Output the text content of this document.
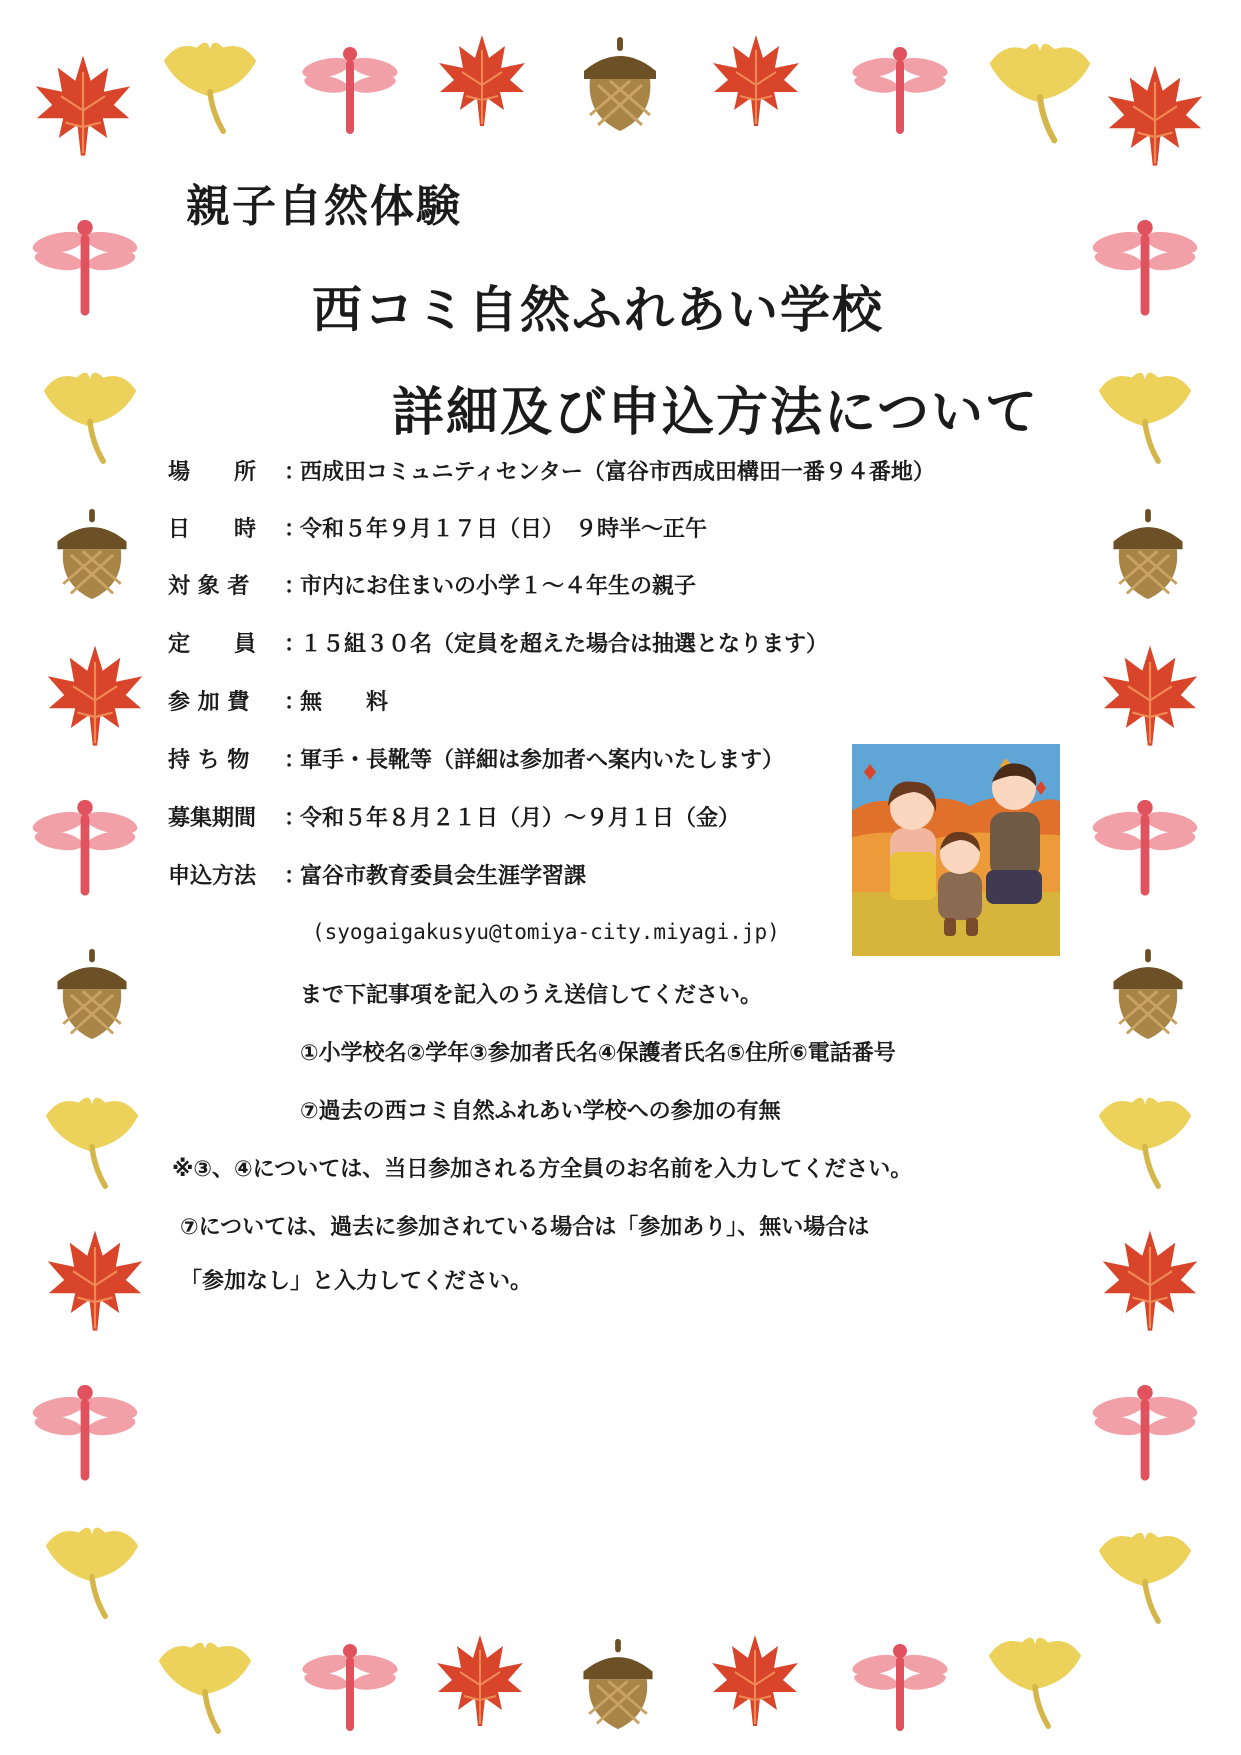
親子自然体験
西コミ自然ふれあい学校
詳細及び申込方法について
場　　所 ：
西成田コミュニティセンター（富谷市西成田構田一番９４番地）
日　　時 ：
令和５年９月１７日（日）　９時半～正午
対 象 者 ：
市内にお住まいの小学１～４年生の親子
定　　員 ：
１５組３０名（定員を超えた場合は抽選となります）
参 加 費 ：
無　　料
持 ち 物 ：
軍手・長靴等（詳細は参加者へ案内いたします）
募集期間 ：
令和５年８月２１日（月）～９月１日（金）
申込方法 ：
富谷市教育委員会生涯学習課
(syogaigakusyu@tomiya-city.miyagi.jp)
まで下記事項を記入のうえ送信してください。
①小学校名②学年③参加者氏名④保護者氏名⑤住所⑥電話番号
⑦過去の西コミ自然ふれあい学校への参加の有無
※③、④については、当日参加される方全員のお名前を入力してください。
⑦については、過去に参加されている場合は「参加あり」、無い場合は
「参加なし」と入力してください。
